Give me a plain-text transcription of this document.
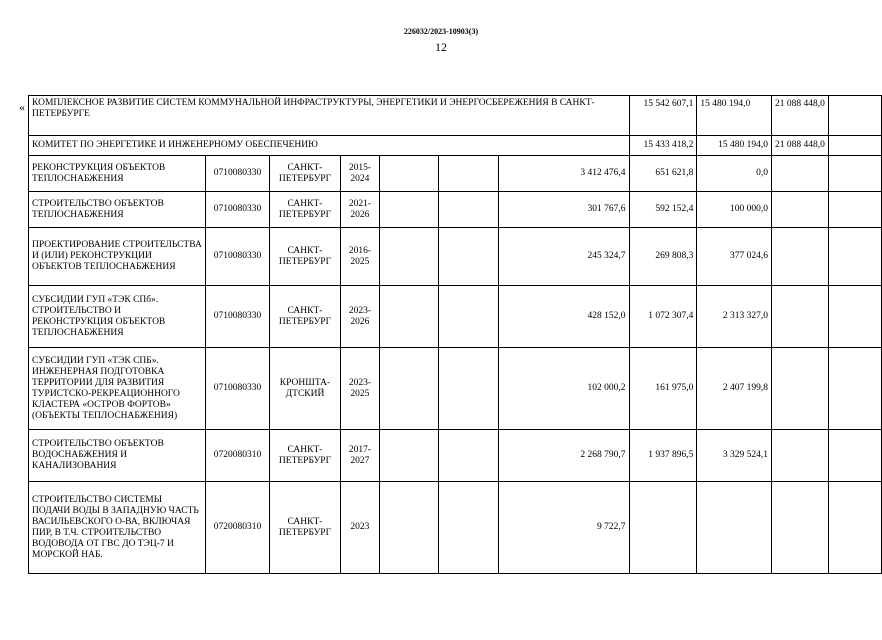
226032/2023-10903(3)
12
« КОМПЛЕКСНОЕ РАЗВИТИЕ СИСТЕМ КОММУНАЛЬНОЙ ИНФРАСТРУКТУРЫ, ЭНЕРГЕТИКИ И ЭНЕРГОСБЕРЕЖЕНИЯ В САНКТ-ПЕТЕРБУРГЕ							15 542 607,1	15 480 194,0	21 088 448,0	
КОМИТЕТ ПО ЭНЕРГЕТИКЕ И ИНЖЕНЕРНОМУ ОБЕСПЕЧЕНИЮ							15 433 418,2	15 480 194,0	21 088 448,0	
РЕКОНСТРУКЦИЯ ОБЪЕКТОВ ТЕПЛОСНАБЖЕНИЯ	0710080330	САНКТ-ПЕТЕРБУРГ	2015-2024			3 412 476,4	651 621,8	0,0		
СТРОИТЕЛЬСТВО ОБЪЕКТОВ ТЕПЛОСНАБЖЕНИЯ	0710080330	САНКТ-ПЕТЕРБУРГ	2021-2026			301 767,6	592 152,4	100 000,0		
ПРОЕКТИРОВАНИЕ СТРОИТЕЛЬСТВА И (ИЛИ) РЕКОНСТРУКЦИИ ОБЪЕКТОВ ТЕПЛОСНАБЖЕНИЯ	0710080330	САНКТ-ПЕТЕРБУРГ	2016-2025			245 324,7	269 808,3	377 024,6		
СУБСИДИИ ГУП «ТЭК СПб». СТРОИТЕЛЬСТВО И РЕКОНСТРУКЦИЯ ОБЪЕКТОВ ТЕПЛОСНАБЖЕНИЯ	0710080330	САНКТ-ПЕТЕРБУРГ	2023-2026			428 152,0	1 072 307,4	2 313 327,0		
СУБСИДИИ ГУП «ТЭК СПБ». ИНЖЕНЕРНАЯ ПОДГОТОВКА ТЕРРИТОРИИ ДЛЯ РАЗВИТИЯ ТУРИСТСКО-РЕКРЕАЦИОННОГО КЛАСТЕРА «ОСТРОВ ФОРТОВ» (ОБЪЕКТЫ ТЕПЛОСНАБЖЕНИЯ)	0710080330	КРОНШТА-ДТСКИЙ	2023-2025			102 000,2	161 975,0	2 407 199,8		
СТРОИТЕЛЬСТВО ОБЪЕКТОВ ВОДОСНАБЖЕНИЯ И КАНАЛИЗОВАНИЯ	0720080310	САНКТ-ПЕТЕРБУРГ	2017-2027			2 268 790,7	1 937 896,5	3 329 524,1		
СТРОИТЕЛЬСТВО СИСТЕМЫ ПОДАЧИ ВОДЫ В ЗАПАДНУЮ ЧАСТЬ ВАСИЛЬЕВСКОГО О-ВА, ВКЛЮЧАЯ ПИР, В Т.Ч. СТРОИТЕЛЬСТВО ВОДОВОДА ОТ ГВС ДО ТЭЦ-7 И МОРСКОЙ НАБ.	0720080310	САНКТ-ПЕТЕРБУРГ	2023			9 722,7				
